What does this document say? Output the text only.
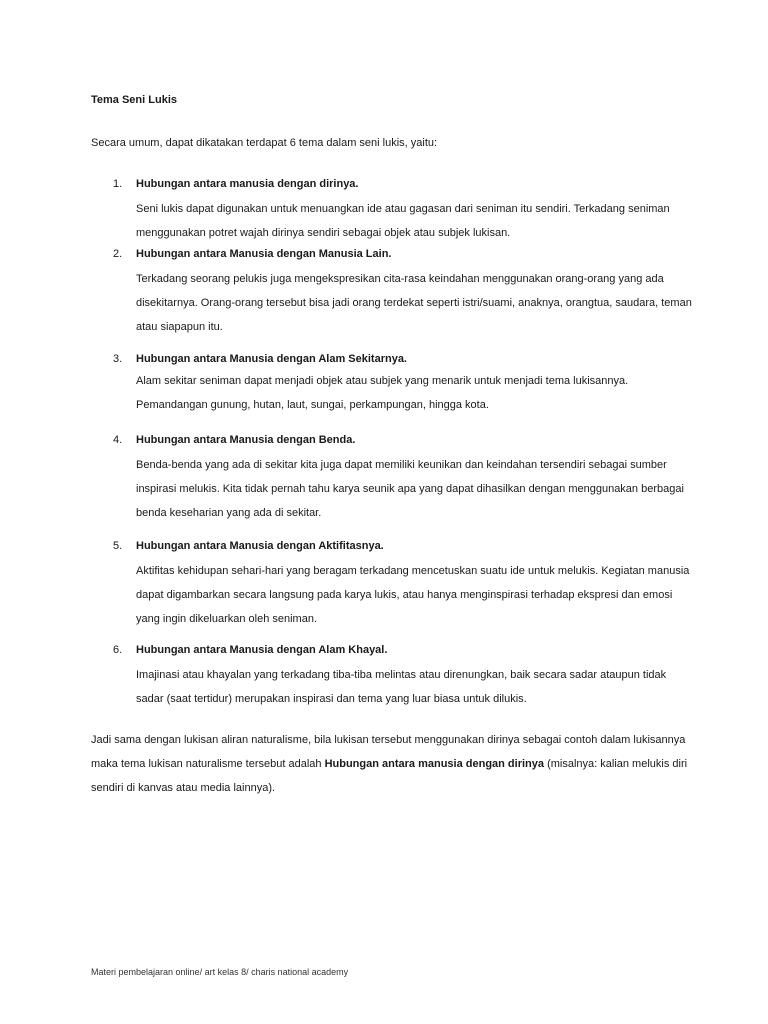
Tema Seni Lukis
Secara umum, dapat dikatakan terdapat 6 tema dalam seni lukis, yaitu:
1. Hubungan antara manusia dengan dirinya.
Seni lukis dapat digunakan untuk menuangkan ide atau gagasan dari seniman itu sendiri. Terkadang seniman menggunakan potret wajah dirinya sendiri sebagai objek atau subjek lukisan.
2. Hubungan antara Manusia dengan Manusia Lain.
Terkadang seorang pelukis juga mengekspresikan cita-rasa keindahan menggunakan orang-orang yang ada disekitarnya. Orang-orang tersebut bisa jadi orang terdekat seperti istri/suami, anaknya, orangtua, saudara, teman atau siapapun itu.
3. Hubungan antara Manusia dengan Alam Sekitarnya.
Alam sekitar seniman dapat menjadi objek atau subjek yang menarik untuk menjadi tema lukisannya. Pemandangan gunung, hutan, laut, sungai, perkampungan, hingga kota.
4. Hubungan antara Manusia dengan Benda.
Benda-benda yang ada di sekitar kita juga dapat memiliki keunikan dan keindahan tersendiri sebagai sumber inspirasi melukis. Kita tidak pernah tahu karya seunik apa yang dapat dihasilkan dengan menggunakan berbagai benda keseharian yang ada di sekitar.
5. Hubungan antara Manusia dengan Aktifitasnya.
Aktifitas kehidupan sehari-hari yang beragam terkadang mencetuskan suatu ide untuk melukis. Kegiatan manusia dapat digambarkan secara langsung pada karya lukis, atau hanya menginspirasi terhadap ekspresi dan emosi yang ingin dikeluarkan oleh seniman.
6. Hubungan antara Manusia dengan Alam Khayal.
Imajinasi atau khayalan yang terkadang tiba-tiba melintas atau direnungkan, baik secara sadar ataupun tidak sadar (saat tertidur) merupakan inspirasi dan tema yang luar biasa untuk dilukis.
Jadi sama dengan lukisan aliran naturalisme, bila lukisan tersebut menggunakan dirinya sebagai contoh dalam lukisannya maka tema lukisan naturalisme tersebut adalah Hubungan antara manusia dengan dirinya (misalnya: kalian melukis diri sendiri di kanvas atau media lainnya).
Materi pembelajaran online/ art kelas 8/ charis national academy
